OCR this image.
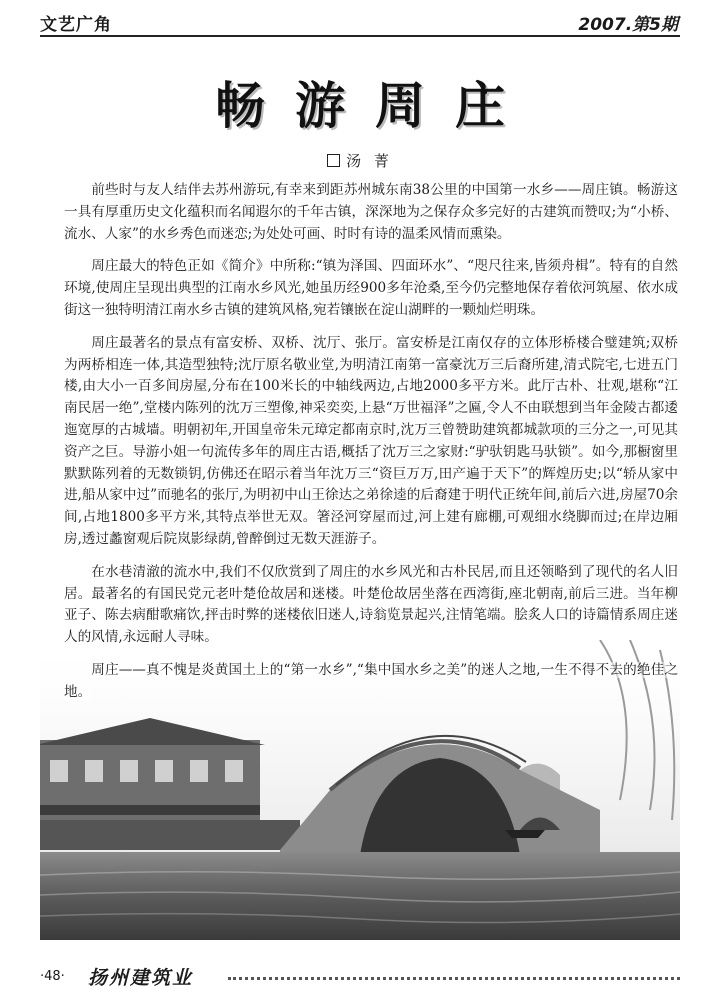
文艺广角	2007.第5期
畅游周庄
汤 菁

前些时与友人结伴去苏州游玩,有幸来到距苏州城东南38公里的中国第一水乡——周庄镇。畅游这一具有厚重历史文化蕴积而名闻遐尔的千年古镇，深深地为之保存众多完好的古建筑而赞叹;为“小桥、流水、人家”的水乡秀色而迷恋;为处处可画、时时有诗的温柔风情而熏染。

周庄最大的特色正如《简介》中所称:“镇为泽国、四面环水”、“咫尺往来,皆须舟楫”。特有的自然环境,使周庄呈现出典型的江南水乡风光,她虽历经900多年沧桑,至今仍完整地保存着依河筑屋、依水成街这一独特明清江南水乡古镇的建筑风格,宛若镶嵌在淀山湖畔的一颗灿烂明珠。

周庄最著名的景点有富安桥、双桥、沈厅、张厅。富安桥是江南仅存的立体形桥楼合璧建筑;双桥为两桥相连一体,其造型独特;沈厅原名敬业堂,为明清江南第一富豪沈万三后裔所建,清式院宅,七进五门楼,由大小一百多间房屋,分布在100米长的中轴线两边,占地2000多平方米。此厅古朴、壮观,堪称“江南民居一绝”,堂楼内陈列的沈万三塑像,神采奕奕,上悬“万世福泽”之匾,令人不由联想到当年金陵古都逶迤宽厚的古城墙。明朝初年,开国皇帝朱元璋定都南京时,沈万三曾赞助建筑都城款项的三分之一,可见其资产之巨。导游小姐一句流传多年的周庄古语,概括了沈万三之家财:“驴驮钥匙马驮锁”。如今,那橱窗里默默陈列着的无数锁钥,仿佛还在昭示着当年沈万三“资巨万万,田产遍于天下”的辉煌历史;以“轿从家中进,船从家中过”而驰名的张厅,为明初中山王徐达之弟徐逵的后裔建于明代正统年间,前后六进,房屋70余间,占地1800多平方米,其特点举世无双。箸泾河穿屋而过,河上建有廊棚,可观细水绕脚而过;在岸边厢房,透过蠡窗观后院岚影绿荫,曾醉倒过无数天涯游子。

在水巷清澈的流水中,我们不仅欣赏到了周庄的水乡风光和古朴民居,而且还领略到了现代的名人旧居。最著名的有国民党元老叶楚伧故居和迷楼。叶楚伧故居坐落在西湾街,座北朝南,前后三进。当年柳亚子、陈去病酣歌痛饮,抨击时弊的迷楼依旧迷人,诗翁览景起兴,注情笔端。脍炙人口的诗篇情系周庄迷人的风情,永远耐人寻味。

周庄——真不愧是炎黄国土上的“第一水乡”,“集中国水乡之美”的迷人之地,一生不得不去的绝佳之地。

·48· 扬州建筑业
